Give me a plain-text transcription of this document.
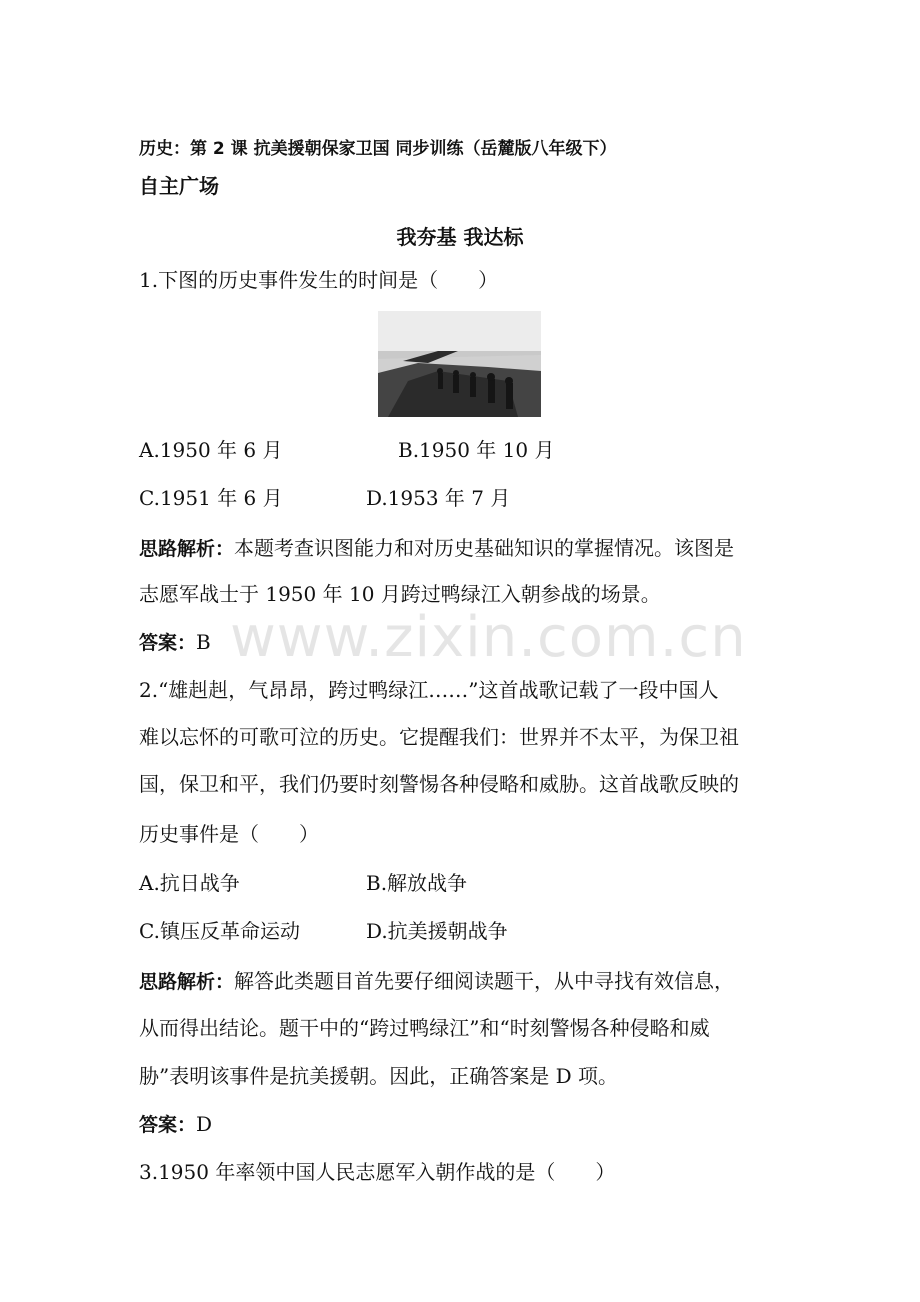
www.zixin.com.cn
历史：第 2 课 抗美援朝保家卫国 同步训练（岳麓版八年级下）
自主广场
我夯基 我达标
1.下图的历史事件发生的时间是（　　）
A.1950 年 6 月	B.1950 年 10 月
C.1951 年 6 月	D.1953 年 7 月
思路解析：本题考查识图能力和对历史基础知识的掌握情况。该图是
志愿军战士于 1950 年 10 月跨过鸭绿江入朝参战的场景。
答案：B
2.“雄赳赳，气昂昂，跨过鸭绿江……”这首战歌记载了一段中国人
难以忘怀的可歌可泣的历史。它提醒我们：世界并不太平，为保卫祖
国，保卫和平，我们仍要时刻警惕各种侵略和威胁。这首战歌反映的
历史事件是（　　）
A.抗日战争	B.解放战争
C.镇压反革命运动	D.抗美援朝战争
思路解析：解答此类题目首先要仔细阅读题干，从中寻找有效信息，
从而得出结论。题干中的“跨过鸭绿江”和“时刻警惕各种侵略和威
胁”表明该事件是抗美援朝。因此，正确答案是 D 项。
答案：D
3.1950 年率领中国人民志愿军入朝作战的是（　　）
